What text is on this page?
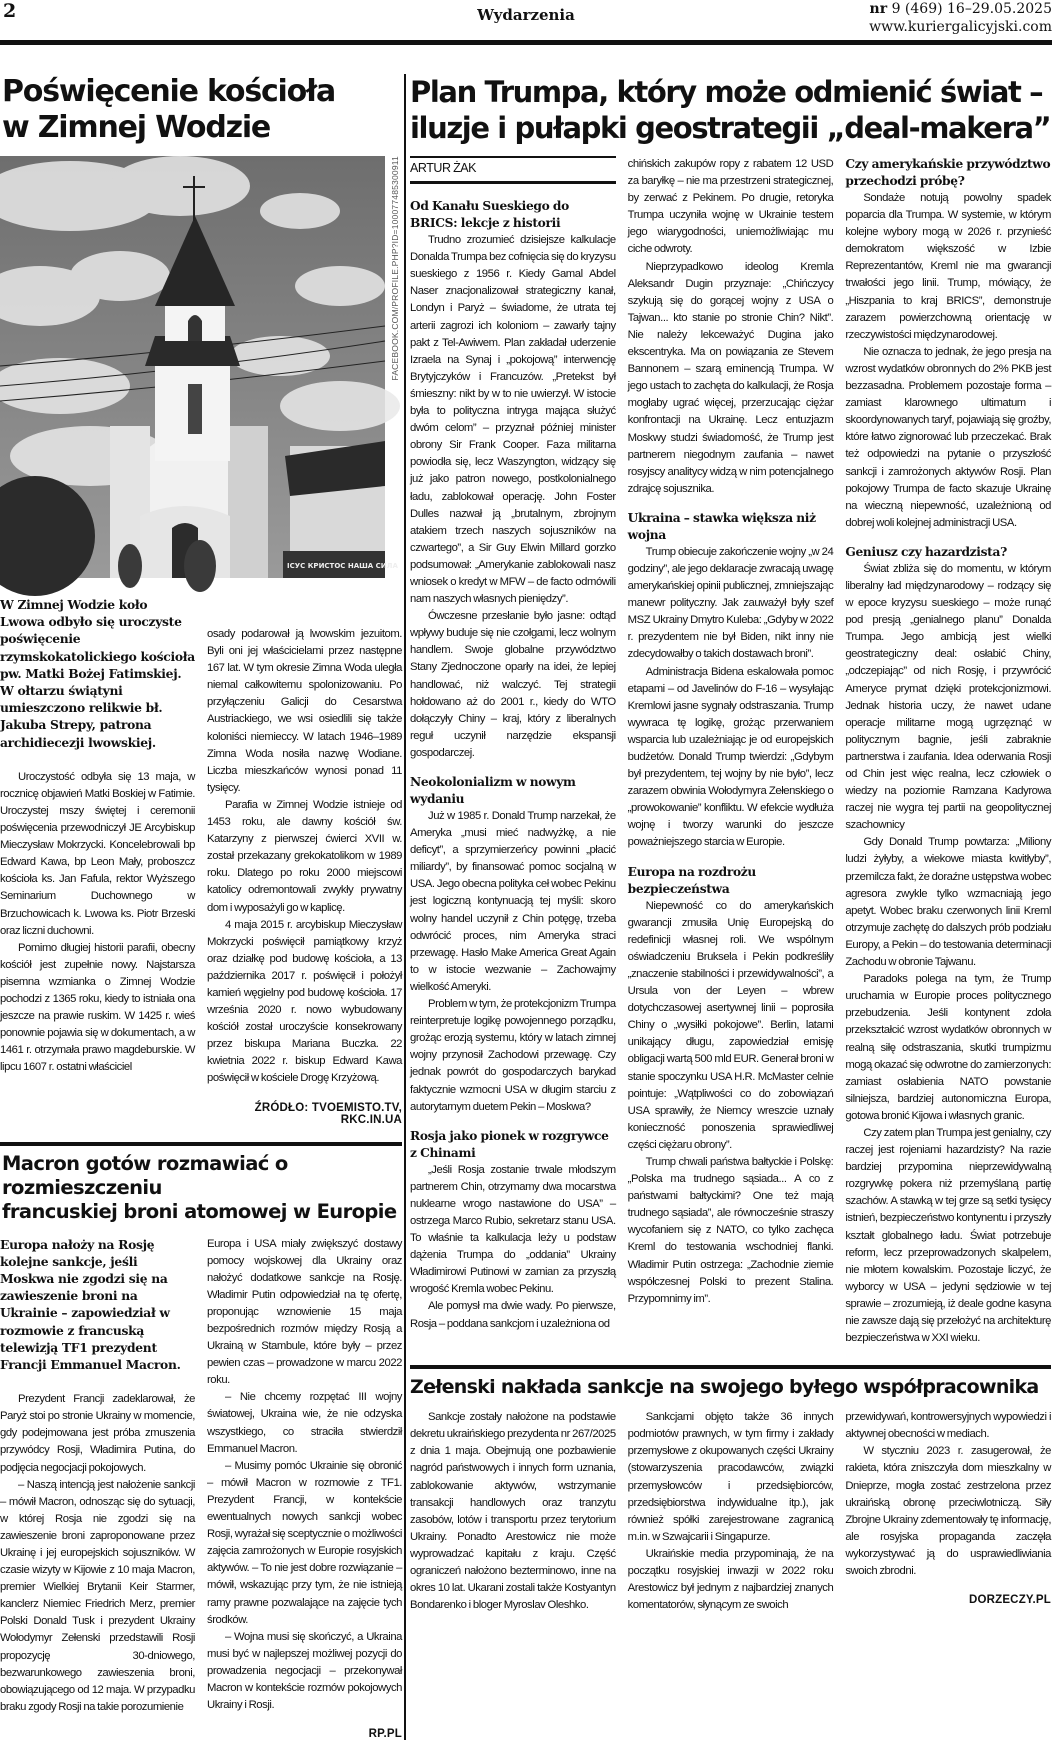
2	Wydarzenia	nr 9 (469) 16–29.05.2025
www.kuriergalicyjski.com
Poświęcenie kościoła
w Zimnej Wodzie
ІСУС КРИСТОС НАША СИЛА
FACEBOOK.COM/PROFILE.PHP?ID=100077485300911
W Zimnej Wodzie koło Lwowa odbyło się uroczyste poświęcenie rzymskokatolickiego kościoła pw. Matki Bożej Fatimskiej. W ołtarzu świątyni umieszczono relikwie bł. Jakuba Strepy, patrona archidiecezji lwowskiej.

Uroczystość odbyła się 13 maja, w rocznicę objawień Matki Boskiej w Fatimie. Uroczystej mszy świętej i ceremonii poświęcenia przewodniczył JE Arcybiskup Mieczysław Mokrzycki. Koncelebrowali bp Edward Kawa, bp Leon Mały, proboszcz kościoła ks. Jan Fafula, rektor Wyższego Seminarium Duchownego w Brzuchowicach k. Lwowa ks. Piotr Brzeski oraz liczni duchowni.

Pomimo długiej historii parafii, obecny kościół jest zupełnie nowy. Najstarsza pisemna wzmianka o Zimnej Wodzie pochodzi z 1365 roku, kiedy to istniała ona jeszcze na prawie ruskim. W 1425 r. wieś ponownie pojawia się w dokumentach, a w 1461 r. otrzymała prawo magdeburskie. W lipcu 1607 r. ostatni właściciel

osady podarował ją lwowskim jezuitom. Byli oni jej właścicielami przez następne 167 lat. W tym okresie Zimna Woda uległa niemal całkowitemu spolonizowaniu. Po przyłączeniu Galicji do Cesarstwa Austriackiego, we wsi osiedlili się także koloniści niemieccy. W latach 1946–1989 Zimna Woda nosiła nazwę Wodiane. Liczba mieszkańców wynosi ponad 11 tysięcy.

Parafia w Zimnej Wodzie istnieje od 1453 roku, ale dawny kościół św. Katarzyny z pierwszej ćwierci XVII w. został przekazany grekokatolikom w 1989 roku. Dlatego po roku 2000 miejscowi katolicy odremontowali zwykły prywatny dom i wyposażyli go w kaplicę.

4 maja 2015 r. arcybiskup Mieczysław Mokrzycki poświęcił pamiątkowy krzyż oraz działkę pod budowę kościoła, a 13 października 2017 r. poświęcił i położył kamień węgielny pod budowę kościoła. 17 września 2020 r. nowo wybudowany kościół został uroczyście konsekrowany przez biskupa Mariana Buczka. 22 kwietnia 2022 r. biskup Edward Kawa poświęcił w kościele Drogę Krzyżową.

ŹRÓDŁO: TVOEMISTO.TV, RKC.IN.UA
Macron gotów rozmawiać o rozmieszczeniu
francuskiej broni atomowej w Europie
Europa nałoży na Rosję kolejne sankcje, jeśli Moskwa nie zgodzi się na zawieszenie broni na Ukrainie – zapowiedział w rozmowie z francuską telewizją TF1 prezydent Francji Emmanuel Macron.

Prezydent Francji zadeklarował, że Paryż stoi po stronie Ukrainy w momencie, gdy podejmowana jest próba zmuszenia przywódcy Rosji, Władimira Putina, do podjęcia negocjacji pokojowych.

– Naszą intencją jest nałożenie sankcji – mówił Macron, odnosząc się do sytuacji, w której Rosja nie zgodzi się na zawieszenie broni zaproponowane przez Ukrainę i jej europejskich sojuszników. W czasie wizyty w Kijowie z 10 maja Macron, premier Wielkiej Brytanii Keir Starmer, kanclerz Niemiec Friedrich Merz, premier Polski Donald Tusk i prezydent Ukrainy Wołodymyr Zełenski przedstawili Rosji propozycję 30-dniowego, bezwarunkowego zawieszenia broni, obowiązującego od 12 maja. W przypadku braku zgody Rosji na takie porozumienie

Europa i USA miały zwiększyć dostawy pomocy wojskowej dla Ukrainy oraz nałożyć dodatkowe sankcje na Rosję. Władimir Putin odpowiedział na tę ofertę, proponując wznowienie 15 maja bezpośrednich rozmów między Rosją a Ukrainą w Stambule, które były – przez pewien czas – prowadzone w marcu 2022 roku.

– Nie chcemy rozpętać III wojny światowej, Ukraina wie, że nie odzyska wszystkiego, co straciła stwierdził Emmanuel Macron.

– Musimy pomóc Ukrainie się obronić – mówił Macron w rozmowie z TF1. Prezydent Francji, w kontekście ewentualnych nowych sankcji wobec Rosji, wyrażał się sceptycznie o możliwości zajęcia zamrożonych w Europie rosyjskich aktywów. – To nie jest dobre rozwiązanie – mówił, wskazując przy tym, że nie istnieją ramy prawne pozwalające na zajęcie tych środków.

– Wojna musi się skończyć, a Ukraina musi być w najlepszej możliwej pozycji do prowadzenia negocjacji – przekonywał Macron w kontekście rozmów pokojowych Ukrainy i Rosji.

RP.PL
Plan Trumpa, który może odmienić świat –
iluzje i pułapki geostrategii „deal-makera”
ARTUR ŻAK
Od Kanału Sueskiego do BRICS: lekcje z historii

Trudno zrozumieć dzisiejsze kalkulacje Donalda Trumpa bez cofnięcia się do kryzysu sueskiego z 1956 r. Kiedy Gamal Abdel Naser znacjonalizował strategiczny kanał, Londyn i Paryż – świadome, że utrata tej arterii zagrozi ich koloniom – zawarły tajny pakt z Tel-Awiwem. Plan zakładał uderzenie Izraela na Synaj i „pokojową” interwencję Brytyjczyków i Francuzów. „Pretekst był śmieszny: nikt by w to nie uwierzył. W istocie była to polityczna intryga mająca służyć dwóm celom” – przyznał później minister obrony Sir Frank Cooper. Faza militarna powiodła się, lecz Waszyngton, widzący się już jako patron nowego, postkolonialnego ładu, zablokował operację. John Foster Dulles nazwał ją „brutalnym, zbrojnym atakiem trzech naszych sojuszników na czwartego”, a Sir Guy Elwin Millard gorzko podsumował: „Amerykanie zablokowali nasz wniosek o kredyt w MFW – de facto odmówili nam naszych własnych pieniędzy”.

Ówczesne przesłanie było jasne: odtąd wpływy buduje się nie czołgami, lecz wolnym handlem. Swoje globalne przywództwo Stany Zjednoczone oparły na idei, że lepiej handlować, niż walczyć. Tej strategii hołdowano aż do 2001 r., kiedy do WTO dołączyły Chiny – kraj, który z liberalnych reguł uczynił narzędzie ekspansji gospodarczej.

Neokolonializm w nowym wydaniu

Już w 1985 r. Donald Trump narzekał, że Ameryka „musi mieć nadwyżkę, a nie deficyt”, a sprzymierzeńcy powinni „płacić miliardy”, by finansować pomoc socjalną w USA. Jego obecna polityka ceł wobec Pekinu jest logiczną kontynuacją tej myśli: skoro wolny handel uczynił z Chin potęgę, trzeba odwrócić proces, nim Ameryka straci przewagę. Hasło Make America Great Again to w istocie wezwanie – Zachowajmy wielkość Ameryki.

Problem w tym, że protekcjonizm Trumpa reinterpretuje logikę powojennego porządku, grożąc erozją systemu, który w latach zimnej wojny przynosił Zachodowi przewagę. Czy jednak powrót do gospodarczych barykad faktycznie wzmocni USA w długim starciu z autorytarnym duetem Pekin – Moskwa?

Rosja jako pionek w rozgrywce z Chinami

„Jeśli Rosja zostanie trwale młodszym partnerem Chin, otrzymamy dwa mocarstwa nuklearne wrogo nastawione do USA” – ostrzega Marco Rubio, sekretarz stanu USA. To właśnie ta kalkulacja leży u podstaw dążenia Trumpa do „oddania” Ukrainy Władimirowi Putinowi w zamian za przyszłą wrogość Kremla wobec Pekinu.

Ale pomysł ma dwie wady. Po pierwsze, Rosja – poddana sankcjom i uzależniona od

chińskich zakupów ropy z rabatem 12 USD za baryłkę – nie ma przestrzeni strategicznej, by zerwać z Pekinem. Po drugie, retoryka Trumpa uczyniła wojnę w Ukrainie testem jego wiarygodności, uniemożliwiając mu ciche odwroty.

Nieprzypadkowo ideolog Kremla Aleksandr Dugin przyznaje: „Chińczycy szykują się do gorącej wojny z USA o Tajwan... kto stanie po stronie Chin? Nikt”. Nie należy lekceważyć Dugina jako ekscentryka. Ma on powiązania ze Stevem Bannonem – szarą eminencją Trumpa. W jego ustach to zachęta do kalkulacji, że Rosja mogłaby ugrać więcej, przerzucając ciężar konfrontacji na Ukrainę. Lecz entuzjazm Moskwy studzi świadomość, że Trump jest partnerem niegodnym zaufania – nawet rosyjscy analitycy widzą w nim potencjalnego zdrajcę sojusznika.

Ukraina – stawka większa niż wojna

Trump obiecuje zakończenie wojny „w 24 godziny”, ale jego deklaracje zwracają uwagę amerykańskiej opinii publicznej, zmniejszając manewr polityczny. Jak zauważył były szef MSZ Ukrainy Dmytro Kuleba: „Gdyby w 2022 r. prezydentem nie był Biden, nikt inny nie zdecydowałby o takich dostawach broni”.

Administracja Bidena eskalowała pomoc etapami – od Javelinów do F-16 – wysyłając Kremlowi jasne sygnały odstraszania. Trump wywraca tę logikę, grożąc przerwaniem wsparcia lub uzależniając je od europejskich budżetów. Donald Trump twierdzi: „Gdybym był prezydentem, tej wojny by nie było”, lecz zarazem obwinia Wołodymyra Zełenskiego o „prowokowanie” konfliktu. W efekcie wydłuża wojnę i tworzy warunki do jeszcze poważniejszego starcia w Europie.

Europa na rozdrożu bezpieczeństwa

Niepewność co do amerykańskich gwarancji zmusiła Unię Europejską do redefinicji własnej roli. We wspólnym oświadczeniu Bruksela i Pekin podkreśliły „znaczenie stabilności i przewidywalności”, a Ursula von der Leyen – wbrew dotychczasowej asertywnej linii – poprosiła Chiny o „wysiłki pokojowe”. Berlin, latami unikający długu, zapowiedział emisję obligacji wartą 500 mld EUR. Generał broni w stanie spoczynku USA H.R. McMaster celnie pointuje: „Wątpliwości co do zobowiązań USA sprawiły, że Niemcy wreszcie uznały konieczność ponoszenia sprawiedliwej części ciężaru obrony”.

Trump chwali państwa bałtyckie i Polskę: „Polska ma trudnego sąsiada... A co z państwami bałtyckimi? One też mają trudnego sąsiada”, ale równocześnie straszy wycofaniem się z NATO, co tylko zachęca Kreml do testowania wschodniej flanki. Władimir Putin ostrzega: „Zachodnie ziemie współczesnej Polski to prezent Stalina. Przypomnimy im”.

Czy amerykańskie przywództwo przechodzi próbę?

Sondaże notują powolny spadek poparcia dla Trumpa. W systemie, w którym kolejne wybory mogą w 2026 r. przynieść demokratom większość w Izbie Reprezentantów, Kreml nie ma gwarancji trwałości jego linii. Trump, mówiący, że „Hiszpania to kraj BRICS”, demonstruje zarazem powierzchowną orientację w rzeczywistości międzynarodowej.

Nie oznacza to jednak, że jego presja na wzrost wydatków obronnych do 2% PKB jest bezzasadna. Problemem pozostaje forma – zamiast klarownego ultimatum i skoordynowanych taryf, pojawiają się groźby, które łatwo zignorować lub przeczekać. Brak też odpowiedzi na pytanie o przyszłość sankcji i zamrożonych aktywów Rosji. Plan pokojowy Trumpa de facto skazuje Ukrainę na wieczną niepewność, uzależnioną od dobrej woli kolejnej administracji USA.

Geniusz czy hazardzista?

Świat zbliża się do momentu, w którym liberalny ład międzynarodowy – rodzący się w epoce kryzysu sueskiego – może runąć pod presją „genialnego planu” Donalda Trumpa. Jego ambicją jest wielki geostrategiczny deal: osłabić Chiny, „odczepiając” od nich Rosję, i przywrócić Ameryce prymat dzięki protekcjonizmowi. Jednak historia uczy, że nawet udane operacje militarne mogą ugrzęznąć w politycznym bagnie, jeśli zabraknie partnerstwa i zaufania. Idea oderwania Rosji od Chin jest więc realna, lecz człowiek o wiedzy na poziomie Ramzana Kadyrowa raczej nie wygra tej partii na geopolitycznej szachownicy

Gdy Donald Trump powtarza: „Miliony ludzi żyłyby, a wiekowe miasta kwitłyby”, przemilcza fakt, że doraźne ustępstwa wobec agresora zwykle tylko wzmacniają jego apetyt. Wobec braku czerwonych linii Kreml otrzymuje zachętę do dalszych prób podziału Europy, a Pekin – do testowania determinacji Zachodu w obronie Tajwanu.

Paradoks polega na tym, że Trump uruchamia w Europie proces politycznego przebudzenia. Jeśli kontynent zdoła przekształcić wzrost wydatków obronnych w realną siłę odstraszania, skutki trumpizmu mogą okazać się odwrotne do zamierzonych: zamiast osłabienia NATO powstanie silniejsza, bardziej autonomiczna Europa, gotowa bronić Kijowa i własnych granic.

Czy zatem plan Trumpa jest genialny, czy raczej jest rojeniami hazardzisty? Na razie bardziej przypomina nieprzewidywalną rozgrywkę pokera niż przemyślaną partię szachów. A stawką w tej grze są setki tysięcy istnień, bezpieczeństwo kontynentu i przyszły kształt globalnego ładu. Świat potrzebuje reform, lecz przeprowadzonych skalpelem, nie młotem kowalskim. Pozostaje liczyć, że wyborcy w USA – jedyni sędziowie w tej sprawie – zrozumieją, iż deale godne kasyna nie zawsze dają się przełożyć na architekturę bezpieczeństwa w XXI wieku.

Zełenski nakłada sankcje na swojego byłego współpracownika

Sankcje zostały nałożone na podstawie dekretu ukraińskiego prezydenta nr 267/2025 z dnia 1 maja. Obejmują one pozbawienie nagród państwowych i innych form uznania, zablokowanie aktywów, wstrzymanie transakcji handlowych oraz tranzytu zasobów, lotów i transportu przez terytorium Ukrainy. Ponadto Arestowicz nie może wyprowadzać kapitału z kraju. Część ograniczeń nałożono bezterminowo, inne na okres 10 lat. Ukarani zostali także Kostyantyn Bondarenko i bloger Myroslav Oleshko.

Sankcjami objęto także 36 innych podmiotów prawnych, w tym firmy i zakłady przemysłowe z okupowanych części Ukrainy (stowarzyszenia pracodawców, związki przemysłowców i przedsiębiorców, przedsiębiorstwa indywidualne itp.), jak również spółki zarejestrowane zagranicą m.in. w Szwajcarii i Singapurze.

Ukraińskie media przypominają, że na początku rosyjskiej inwazji w 2022 roku Arestowicz był jednym z najbardziej znanych komentatorów, słynącym ze swoich

przewidywań, kontrowersyjnych wypowiedzi i aktywnej obecności w mediach.

W styczniu 2023 r. zasugerował, że rakieta, która zniszczyła dom mieszkalny w Dnieprze, mogła zostać zestrzelona przez ukraińską obronę przeciwlotniczą. Siły Zbrojne Ukrainy zdementowały tę informację, ale rosyjska propaganda zaczęła wykorzystywać ją do usprawiedliwiania swoich zbrodni.

DORZECZY.PL
